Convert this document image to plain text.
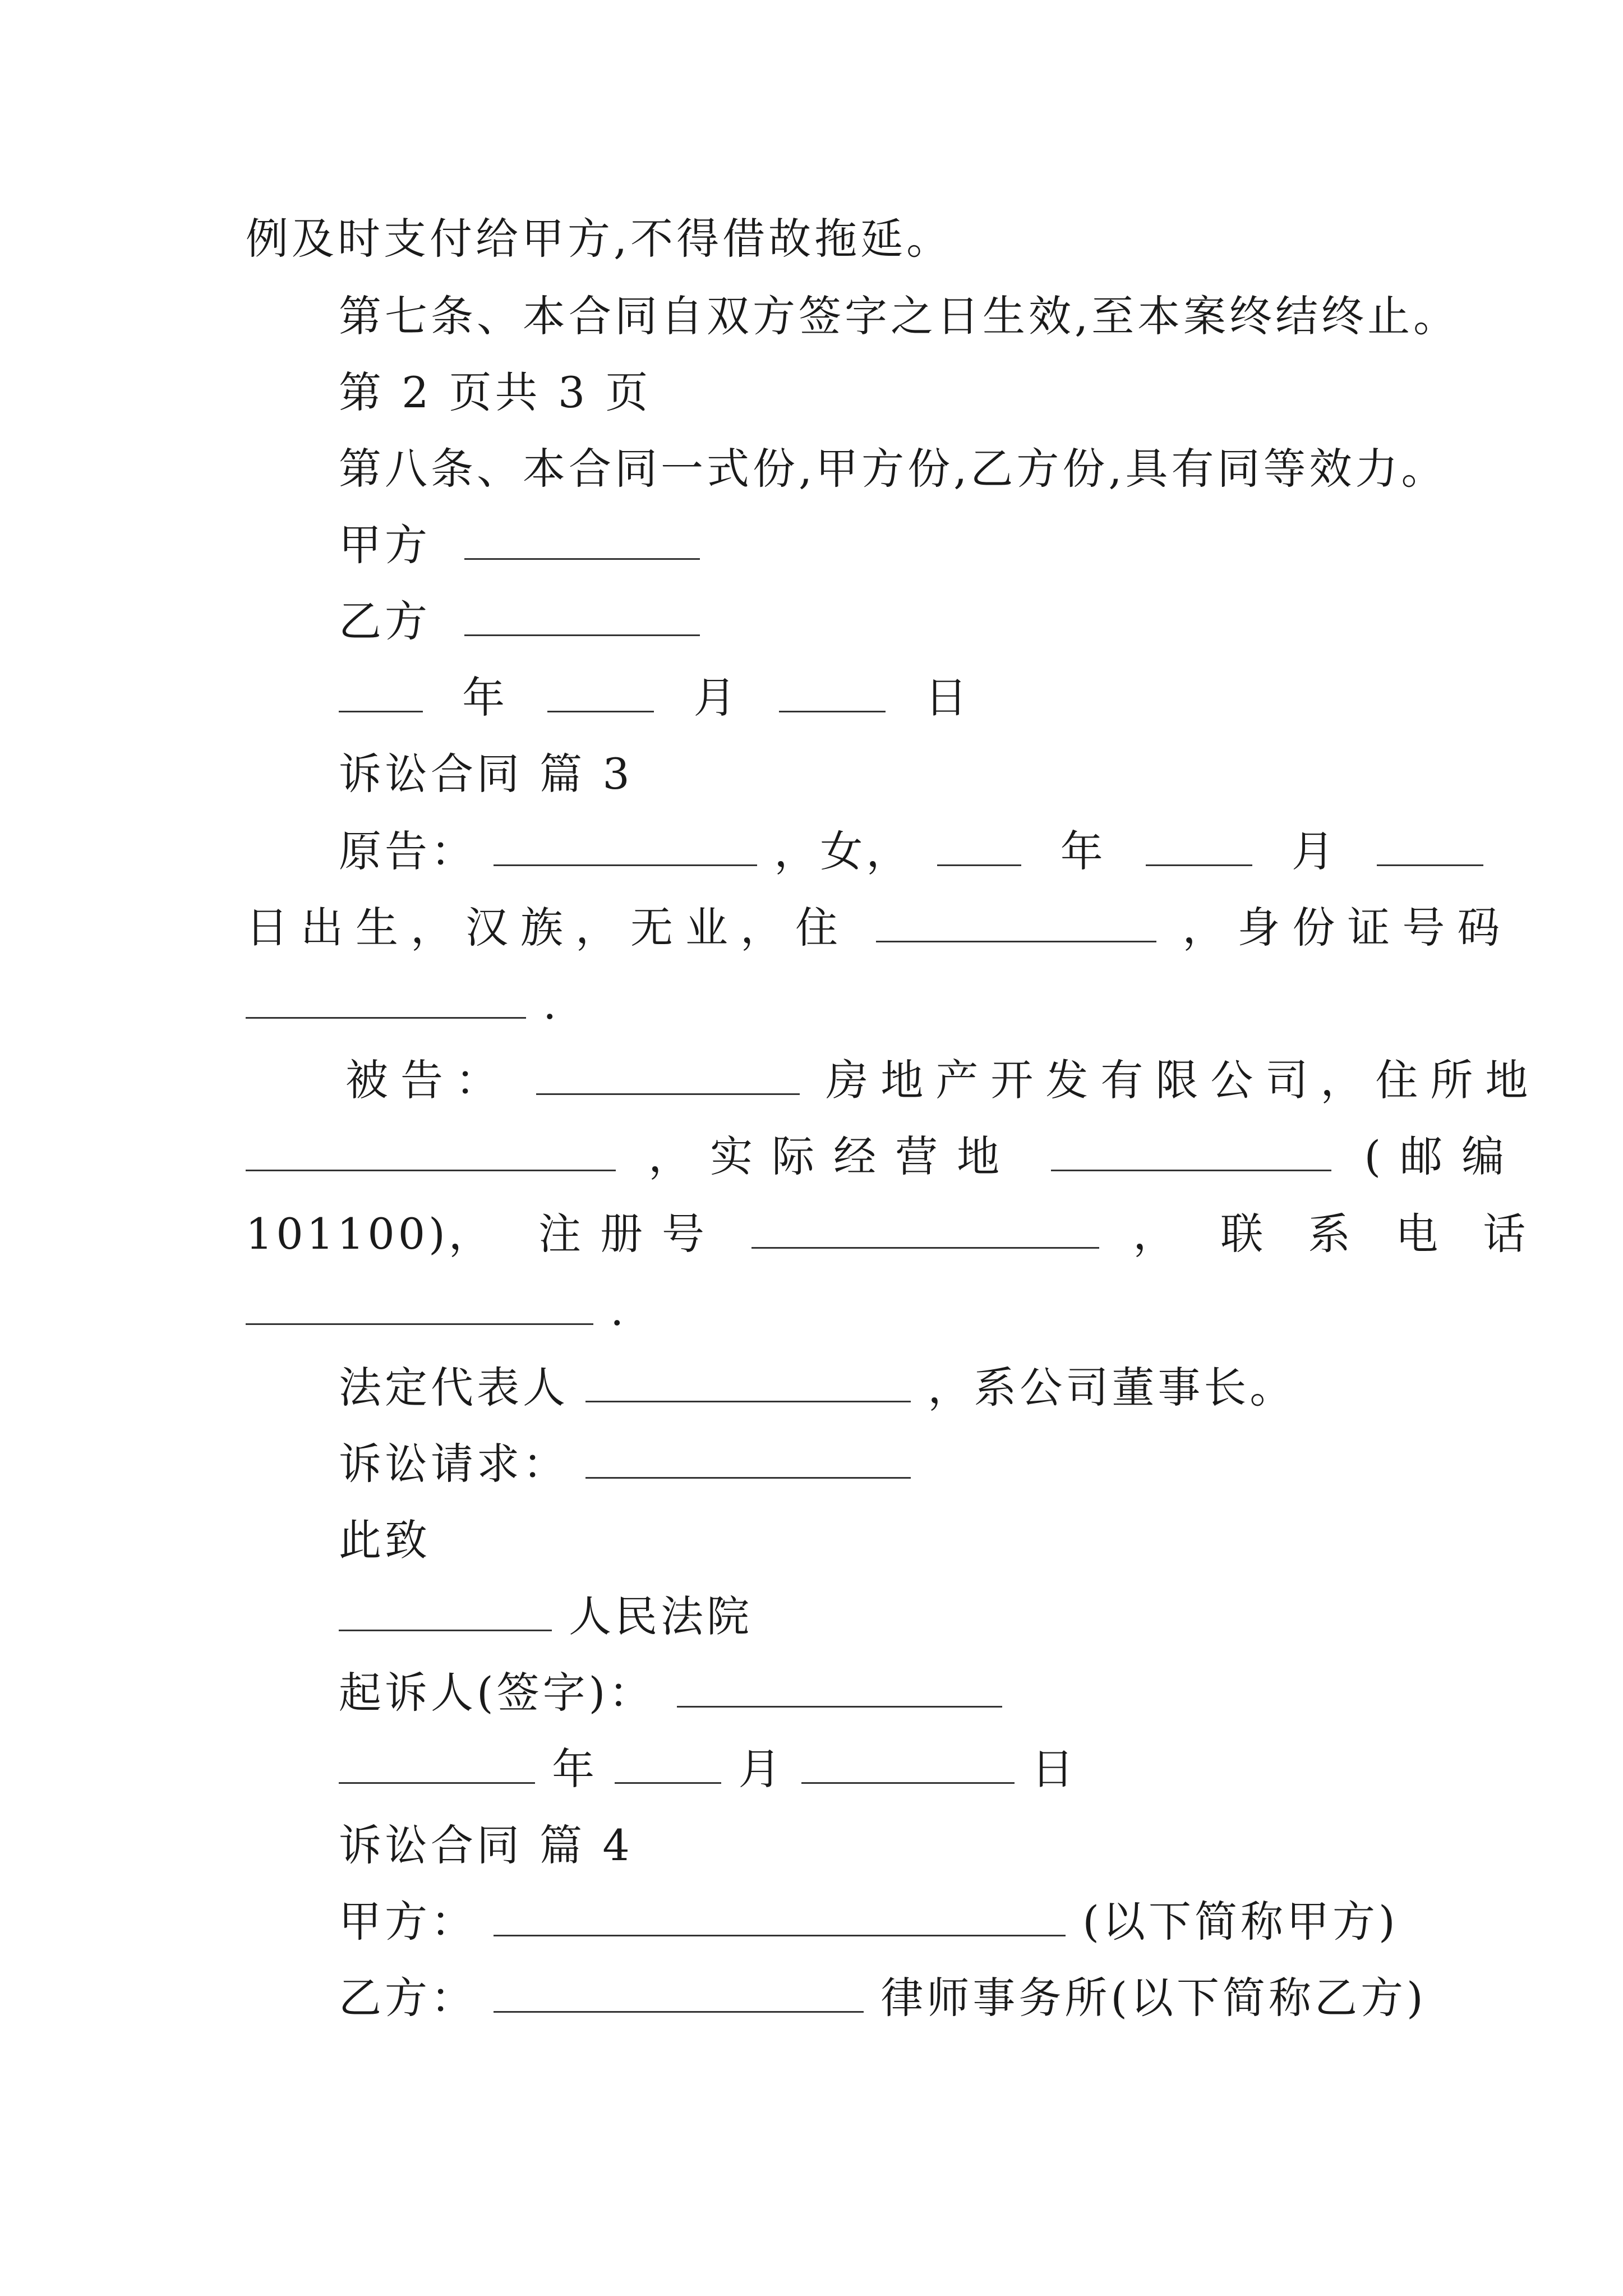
例及时支付给甲方,不得借故拖延。
第七条、本合同自双方签字之日生效,至本案终结终止。
第 2 页共 3 页
第八条、本合同一式份,甲方份,乙方份,具有同等效力。
甲方
乙方
年	月	日
诉讼合同 篇 3
原告：	，女，	年	月
日出生，汉族，无业，住	，身份证号码
.
被告：	房地产开发有限公司，住所地
，实际经营地	(邮编
101100)， 注册号	，联系电话
.
法定代表人	，系公司董事长。
诉讼请求：
此致
人民法院
起诉人(签字)：
年	月	日
诉讼合同 篇 4
甲方：	(以下简称甲方)
乙方：	律师事务所(以下简称乙方)
